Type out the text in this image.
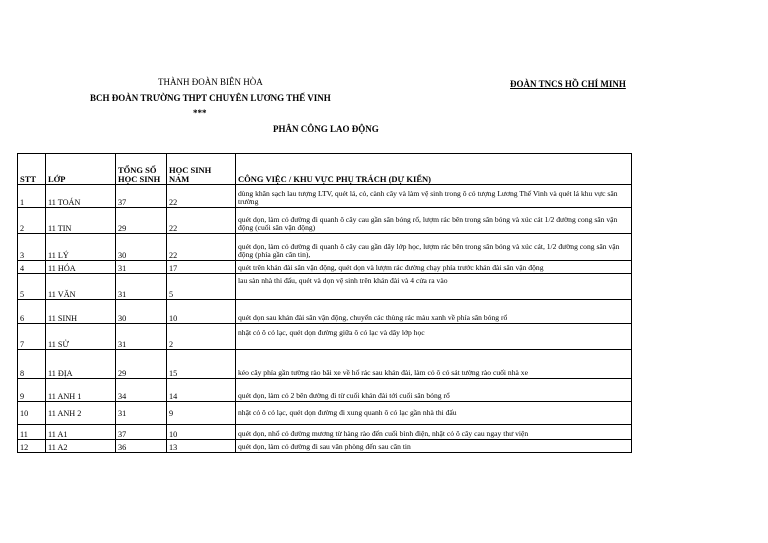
THÀNH ĐOÀN BIÊN HÒA
BCH ĐOÀN TRƯỜNG THPT CHUYÊN LƯƠNG THẾ VINH
***
ĐOÀN TNCS HỒ CHÍ MINH
PHÂN CÔNG LAO ĐỘNG
STT	LỚP	TỔNG SỐ HỌC SINH	HỌC SINH NAM	CÔNG VIỆC / KHU VỰC PHỤ TRÁCH (DỰ KIẾN)
1	11 TOÁN	37	22	dùng khăn sạch lau tượng LTV, quét lá, cỏ, cành cây và làm vệ sinh trong ô có tượng Lương Thế Vinh và quét lá khu vực sân trường
2	11 TIN	29	22	quét dọn, làm cỏ đường đi quanh ô cây cau gần sân bóng rổ, lượm rác bên trong sân bóng và xúc cát 1/2 đường cong sân vận động (cuối sân vận động)
3	11 LÝ	30	22	quét dọn, làm cỏ đường đi quanh ô cây cau gần dãy lớp học, lượm rác bên trong sân bóng và xúc cát, 1/2 đường cong sân vận động (phía gần căn tin),
4	11 HÓA	31	17	quét trên khán đài sân vận động, quét dọn và lượm rác đường chạy phía trước khán đài sân vận động
5	11 VĂN	31	5	lau sàn nhà thi đấu, quét và dọn vệ sinh trên khán đài và 4 cửa ra vào
6	11 SINH	30	10	quét dọn sau khán đài sân vận động, chuyển các thùng rác màu xanh về phía sân bóng rổ
7	11 SỬ	31	2	nhặt cỏ ô có lạc, quét dọn đường giữa ô có lạc và dãy lớp học
8	11 ĐỊA	29	15	kéo cây phía gần tường rào bãi xe về hố rác sau khán đài, làm cỏ ô có sát tường rào cuối nhà xe
9	11 ANH 1	34	14	quét dọn, làm cỏ 2 bên đường đi từ cuối khán đài tới cuối sân bóng rổ
10	11 ANH 2	31	9	nhặt cỏ ô có lạc, quét dọn đường đi xung quanh ô có lạc gần nhà thi đấu
11	11 A1	37	10	quét dọn, nhổ cỏ đường mương từ hàng rào đến cuối bình điện, nhặt cỏ ô cây cau ngay thư viện
12	11 A2	36	13	quét dọn, làm cỏ đường đi sau văn phòng đến sau căn tin
